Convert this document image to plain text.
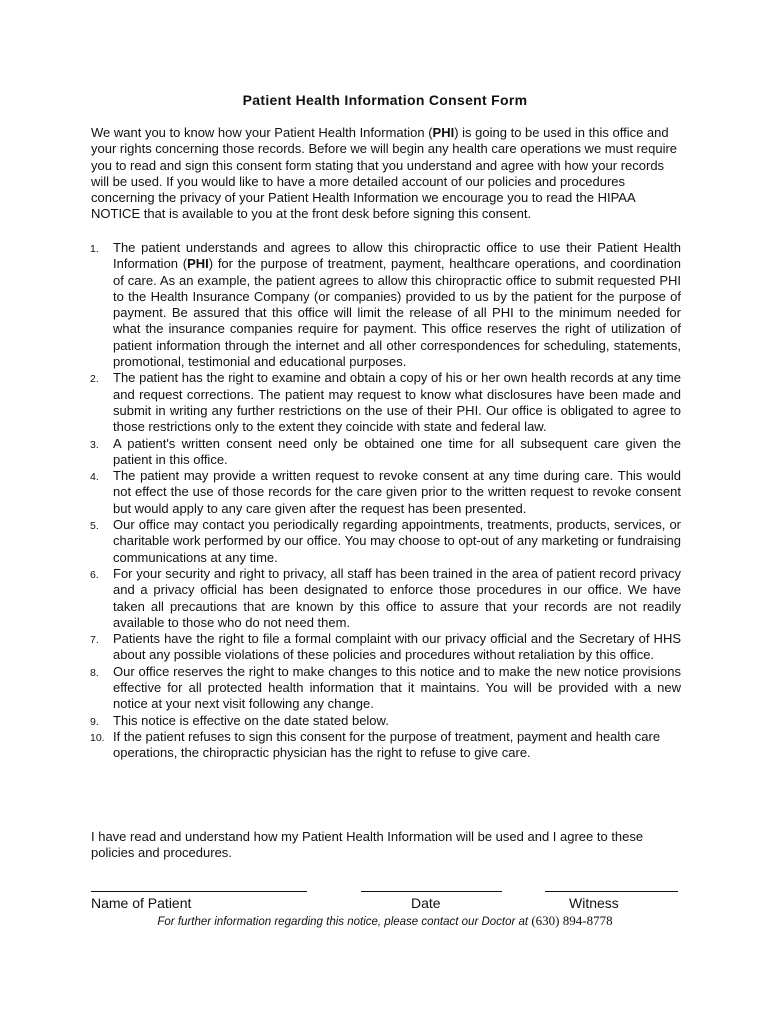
Patient Health Information Consent Form

We want you to know how your Patient Health Information (PHI) is going to be used in this office and your rights concerning those records. Before we will begin any health care operations we must require you to read and sign this consent form stating that you understand and agree with how your records will be used. If you would like to have a more detailed account of our policies and procedures concerning the privacy of your Patient Health Information we encourage you to read the HIPAA NOTICE that is available to you at the front desk before signing this consent.

1. The patient understands and agrees to allow this chiropractic office to use their Patient Health Information (PHI) for the purpose of treatment, payment, healthcare operations, and coordination of care. As an example, the patient agrees to allow this chiropractic office to submit requested PHI to the Health Insurance Company (or companies) provided to us by the patient for the purpose of payment. Be assured that this office will limit the release of all PHI to the minimum needed for what the insurance companies require for payment. This office reserves the right of utilization of patient information through the internet and all other correspondences for scheduling, statements, promotional, testimonial and educational purposes.
2. The patient has the right to examine and obtain a copy of his or her own health records at any time and request corrections. The patient may request to know what disclosures have been made and submit in writing any further restrictions on the use of their PHI. Our office is obligated to agree to those restrictions only to the extent they coincide with state and federal law.
3. A patient's written consent need only be obtained one time for all subsequent care given the patient in this office.
4. The patient may provide a written request to revoke consent at any time during care. This would not effect the use of those records for the care given prior to the written request to revoke consent but would apply to any care given after the request has been presented.
5. Our office may contact you periodically regarding appointments, treatments, products, services, or charitable work performed by our office. You may choose to opt-out of any marketing or fundraising communications at any time.
6. For your security and right to privacy, all staff has been trained in the area of patient record privacy and a privacy official has been designated to enforce those procedures in our office. We have taken all precautions that are known by this office to assure that your records are not readily available to those who do not need them.
7. Patients have the right to file a formal complaint with our privacy official and the Secretary of HHS about any possible violations of these policies and procedures without retaliation by this office.
8. Our office reserves the right to make changes to this notice and to make the new notice provisions effective for all protected health information that it maintains. You will be provided with a new notice at your next visit following any change.
9. This notice is effective on the date stated below.
10. If the patient refuses to sign this consent for the purpose of treatment, payment and health care operations, the chiropractic physician has the right to refuse to give care.

I have read and understand how my Patient Health Information will be used and I agree to these policies and procedures.

Name of Patient	Date	Witness
For further information regarding this notice, please contact our Doctor at (630) 894-8778
